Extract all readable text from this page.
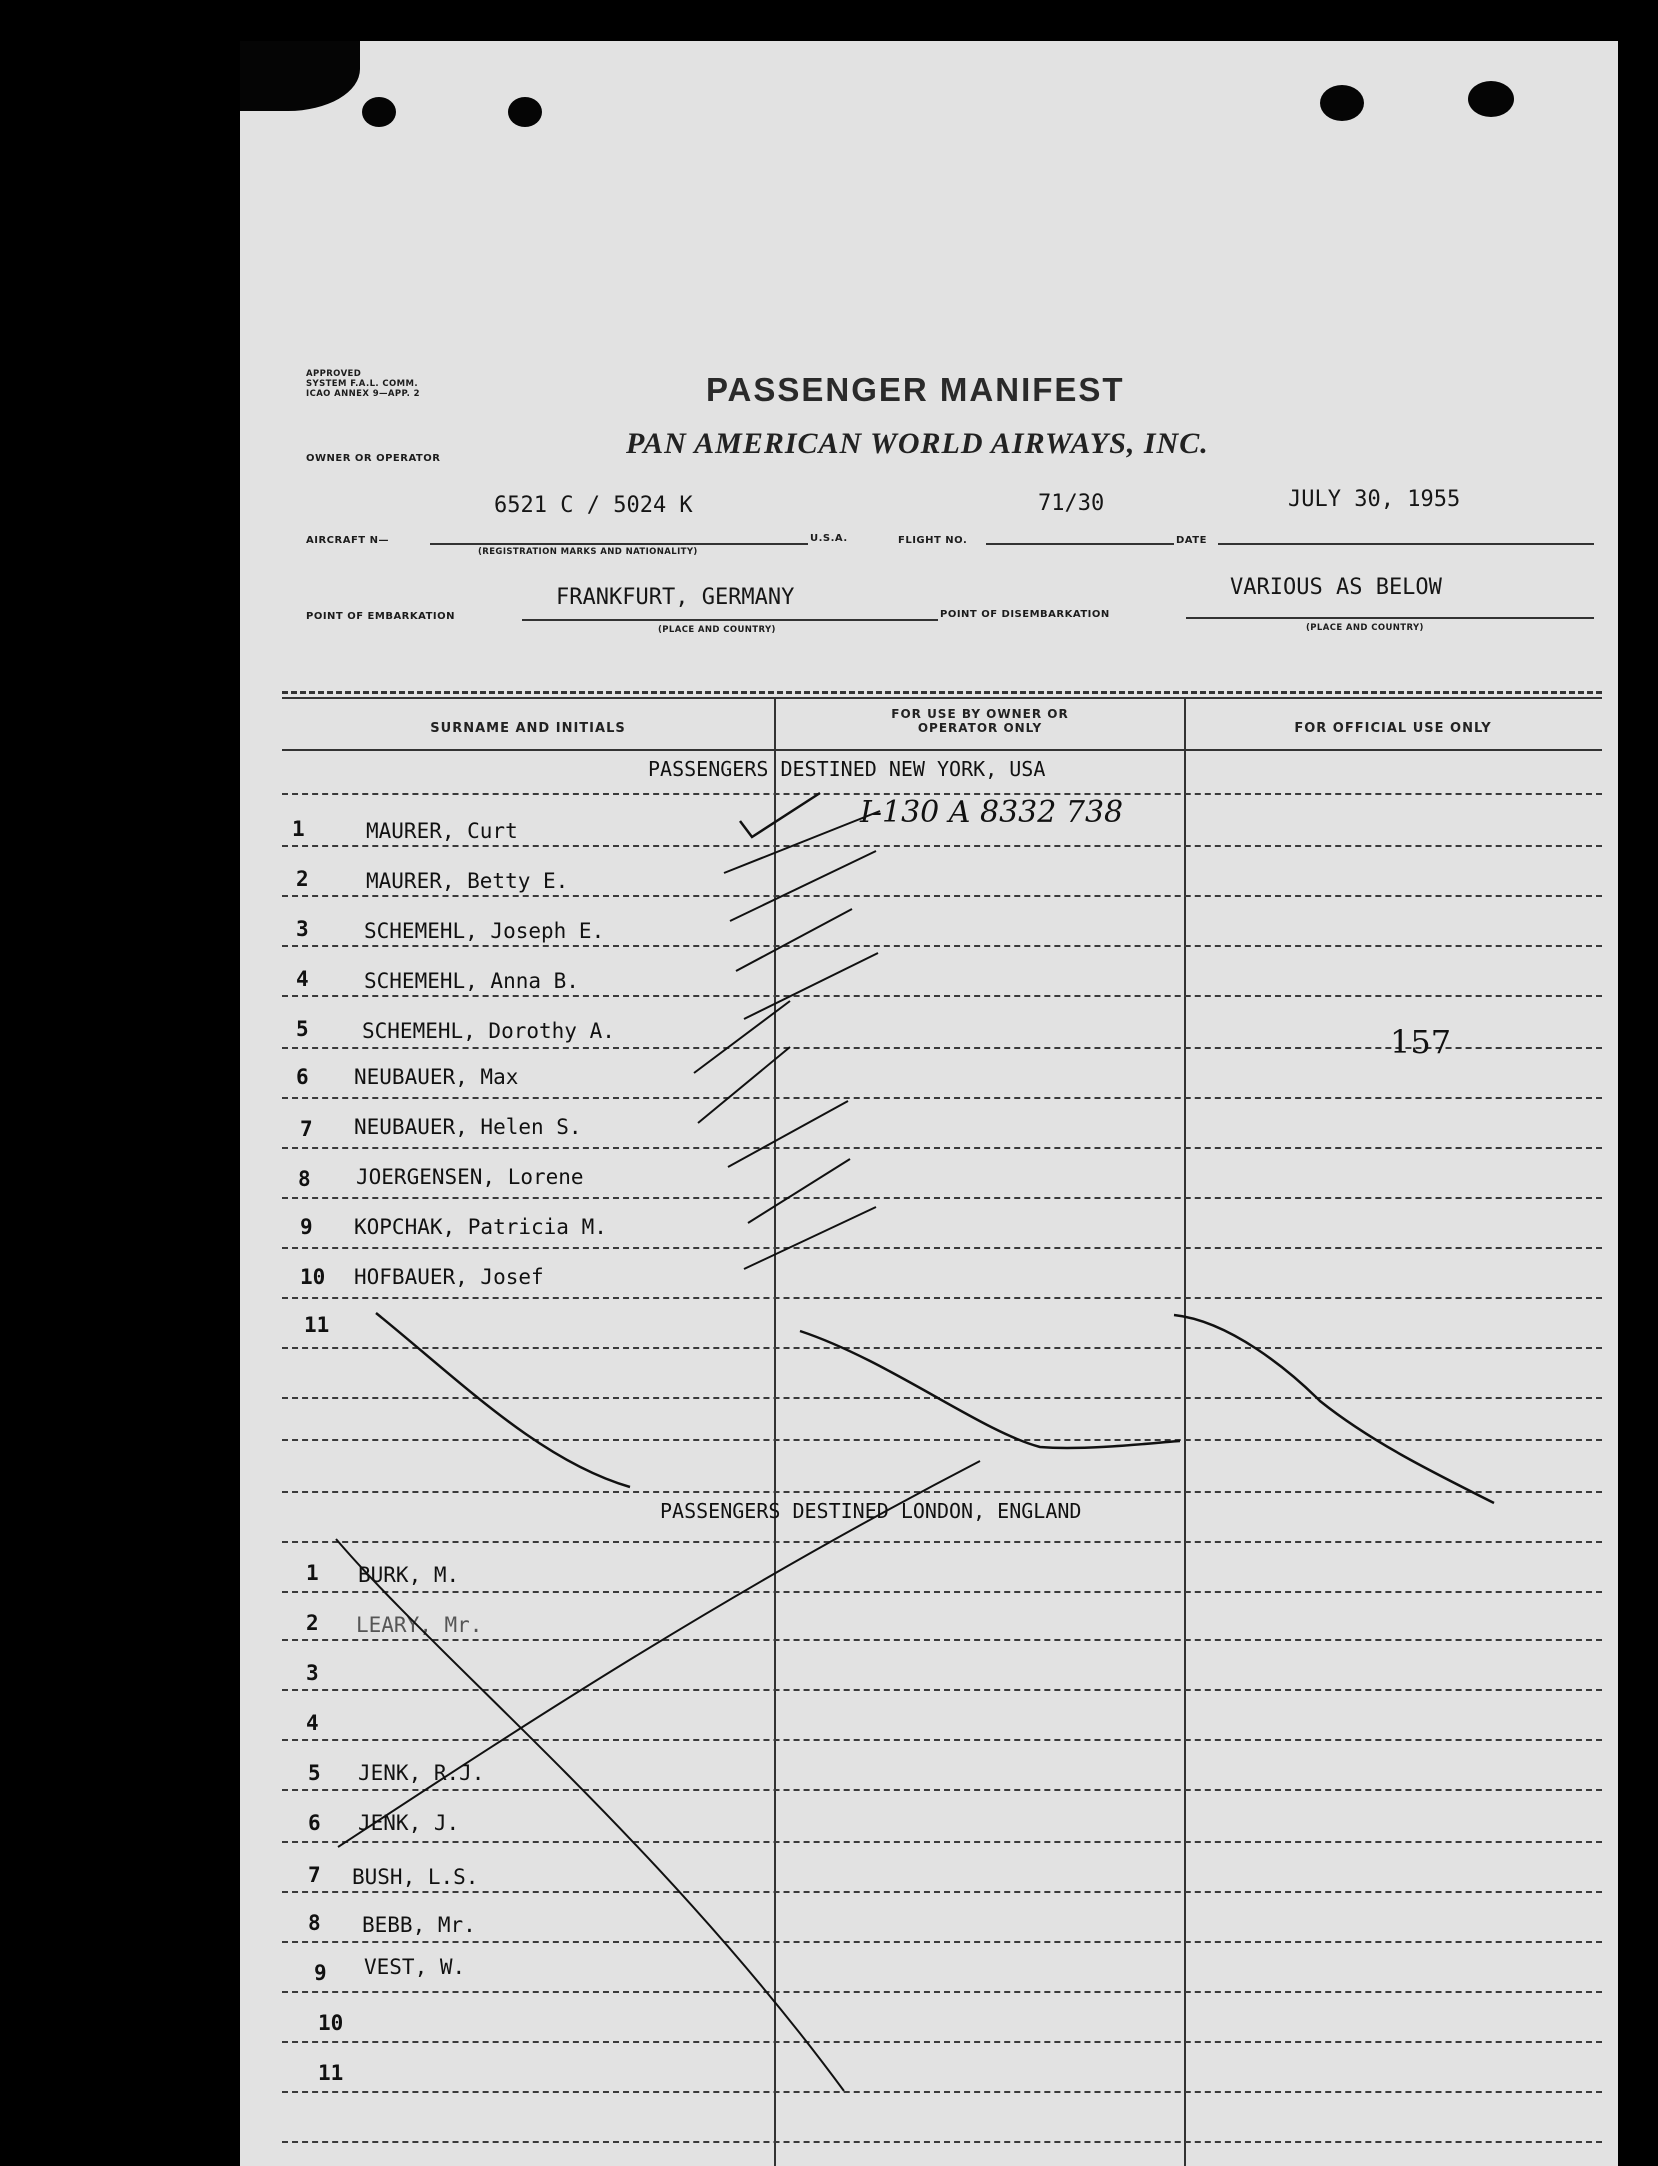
APPROVED
SYSTEM F.A.L. COMM.
ICAO ANNEX 9—APP. 2	PASSENGER MANIFEST
OWNER OR OPERATOR	PAN AMERICAN WORLD AIRWAYS, INC.
6521 C / 5024 K	71/30	JULY 30, 1955
AIRCRAFT N—
(REGISTRATION MARKS AND NATIONALITY)
U.S.A.	FLIGHT NO.	DATE
FRANKFURT, GERMANY	VARIOUS AS BELOW
POINT OF EMBARKATION
(PLACE AND COUNTRY)
POINT OF DISEMBARKATION
(PLACE AND COUNTRY)
SURNAME AND INITIALS
FOR USE BY OWNER OR OPERATOR ONLY	FOR OFFICIAL USE ONLY
PASSENGERS DESTINED NEW YORK, USA
1	MAURER, Curt
2	MAURER, Betty E.
3	SCHEMEHL, Joseph E.
4	SCHEMEHL, Anna B.
5	SCHEMEHL, Dorothy A.
6 NEUBAUER, Max
7 NEUBAUER, Helen S.
8 JOERGENSEN, Lorene
9 KOPCHAK, Patricia M.
10 HOFBAUER, Josef
11
PASSENGERS DESTINED LONDON, ENGLAND
1 BURK, M.
2 LEARY, Mr.
3
4
5 JENK, R.J.
6 JENK, J.
7 BUSH, L.S.
8 BEBB, Mr.
9 VEST, W.
10
11
I-130 A 8332 738
157
